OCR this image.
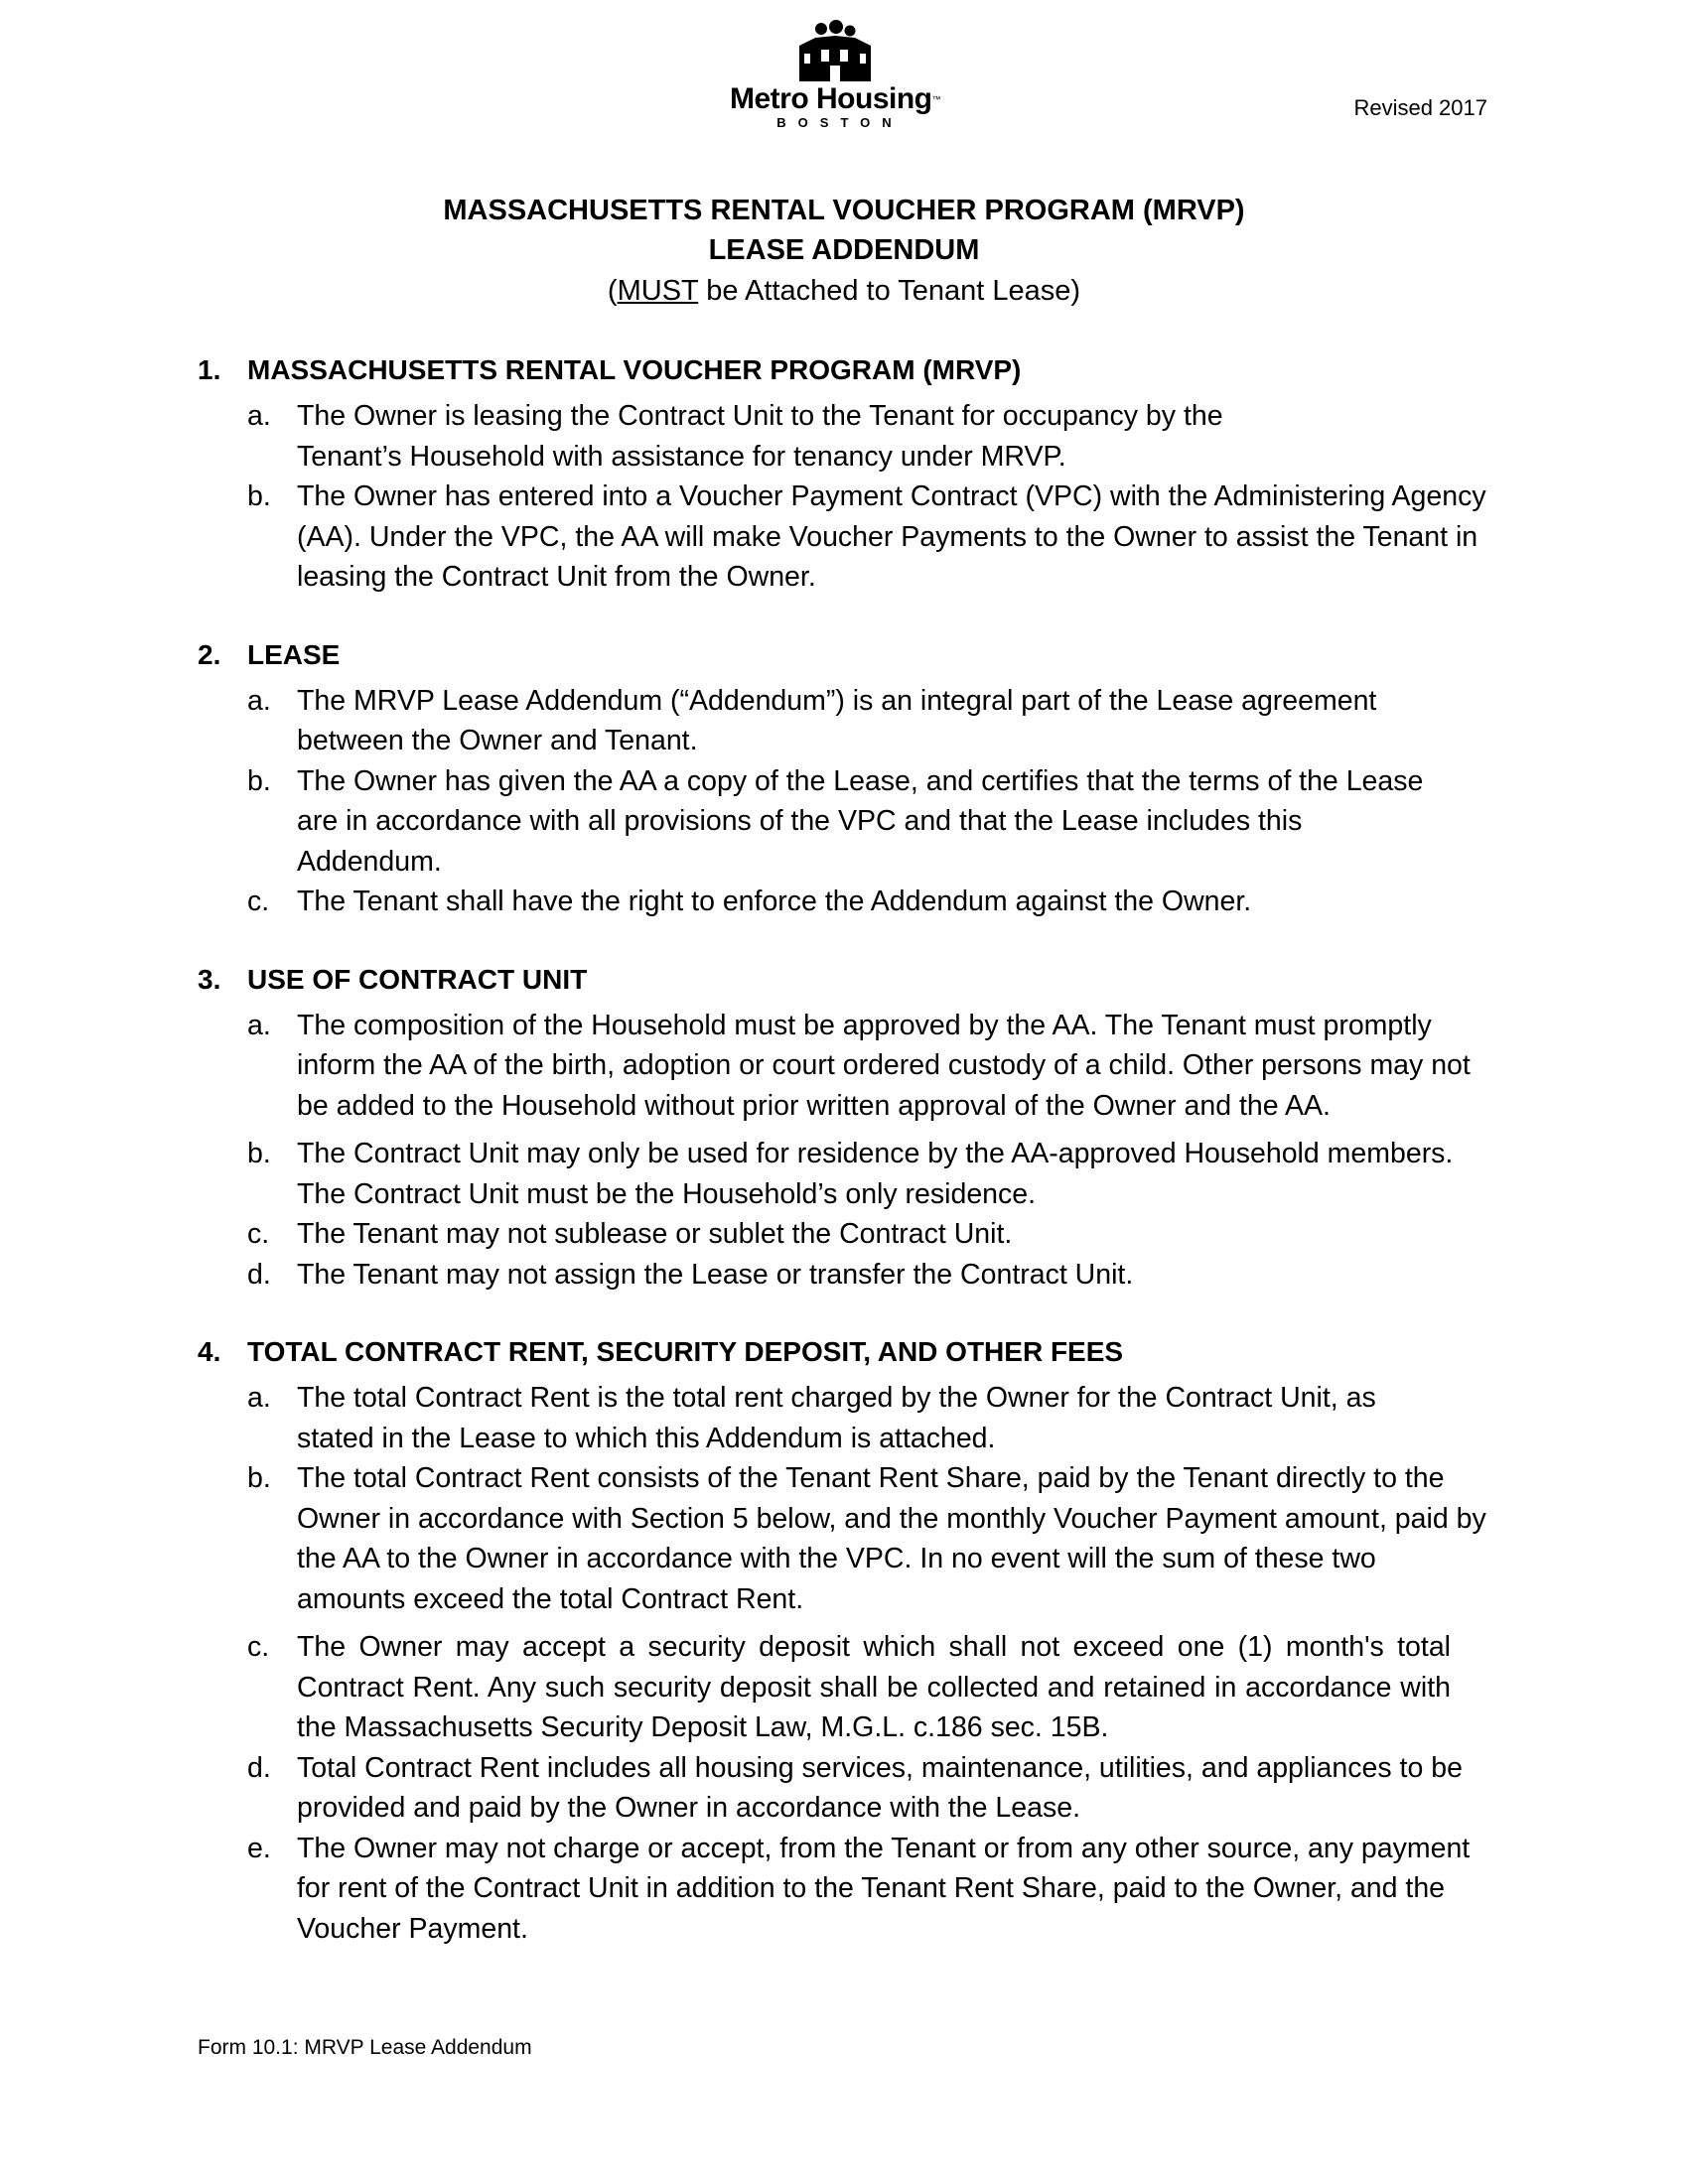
Metro Housing™
BOSTON
Revised 2017
MASSACHUSETTS RENTAL VOUCHER PROGRAM (MRVP)
LEASE ADDENDUM
(MUST be Attached to Tenant Lease)
1. MASSACHUSETTS RENTAL VOUCHER PROGRAM (MRVP)
a. The Owner is leasing the Contract Unit to the Tenant for occupancy by the Tenant’s Household with assistance for tenancy under MRVP.
b. The Owner has entered into a Voucher Payment Contract (VPC) with the Administering Agency (AA). Under the VPC, the AA will make Voucher Payments to the Owner to assist the Tenant in leasing the Contract Unit from the Owner.
2. LEASE
a. The MRVP Lease Addendum (“Addendum”) is an integral part of the Lease agreement between the Owner and Tenant.
b. The Owner has given the AA a copy of the Lease, and certifies that the terms of the Lease are in accordance with all provisions of the VPC and that the Lease includes this Addendum.
c. The Tenant shall have the right to enforce the Addendum against the Owner.
3. USE OF CONTRACT UNIT
a. The composition of the Household must be approved by the AA. The Tenant must promptly inform the AA of the birth, adoption or court ordered custody of a child. Other persons may not be added to the Household without prior written approval of the Owner and the AA.
b. The Contract Unit may only be used for residence by the AA-approved Household members. The Contract Unit must be the Household’s only residence.
c. The Tenant may not sublease or sublet the Contract Unit.
d. The Tenant may not assign the Lease or transfer the Contract Unit.
4. TOTAL CONTRACT RENT, SECURITY DEPOSIT, AND OTHER FEES
a. The total Contract Rent is the total rent charged by the Owner for the Contract Unit, as stated in the Lease to which this Addendum is attached.
b. The total Contract Rent consists of the Tenant Rent Share, paid by the Tenant directly to the Owner in accordance with Section 5 below, and the monthly Voucher Payment amount, paid by the AA to the Owner in accordance with the VPC. In no event will the sum of these two amounts exceed the total Contract Rent.
c. The Owner may accept a security deposit which shall not exceed one (1) month's total Contract Rent. Any such security deposit shall be collected and retained in accordance with the Massachusetts Security Deposit Law, M.G.L. c.186 sec. 15B.
d. Total Contract Rent includes all housing services, maintenance, utilities, and appliances to be provided and paid by the Owner in accordance with the Lease.
e. The Owner may not charge or accept, from the Tenant or from any other source, any payment for rent of the Contract Unit in addition to the Tenant Rent Share, paid to the Owner, and the Voucher Payment.
Form 10.1: MRVP Lease Addendum
